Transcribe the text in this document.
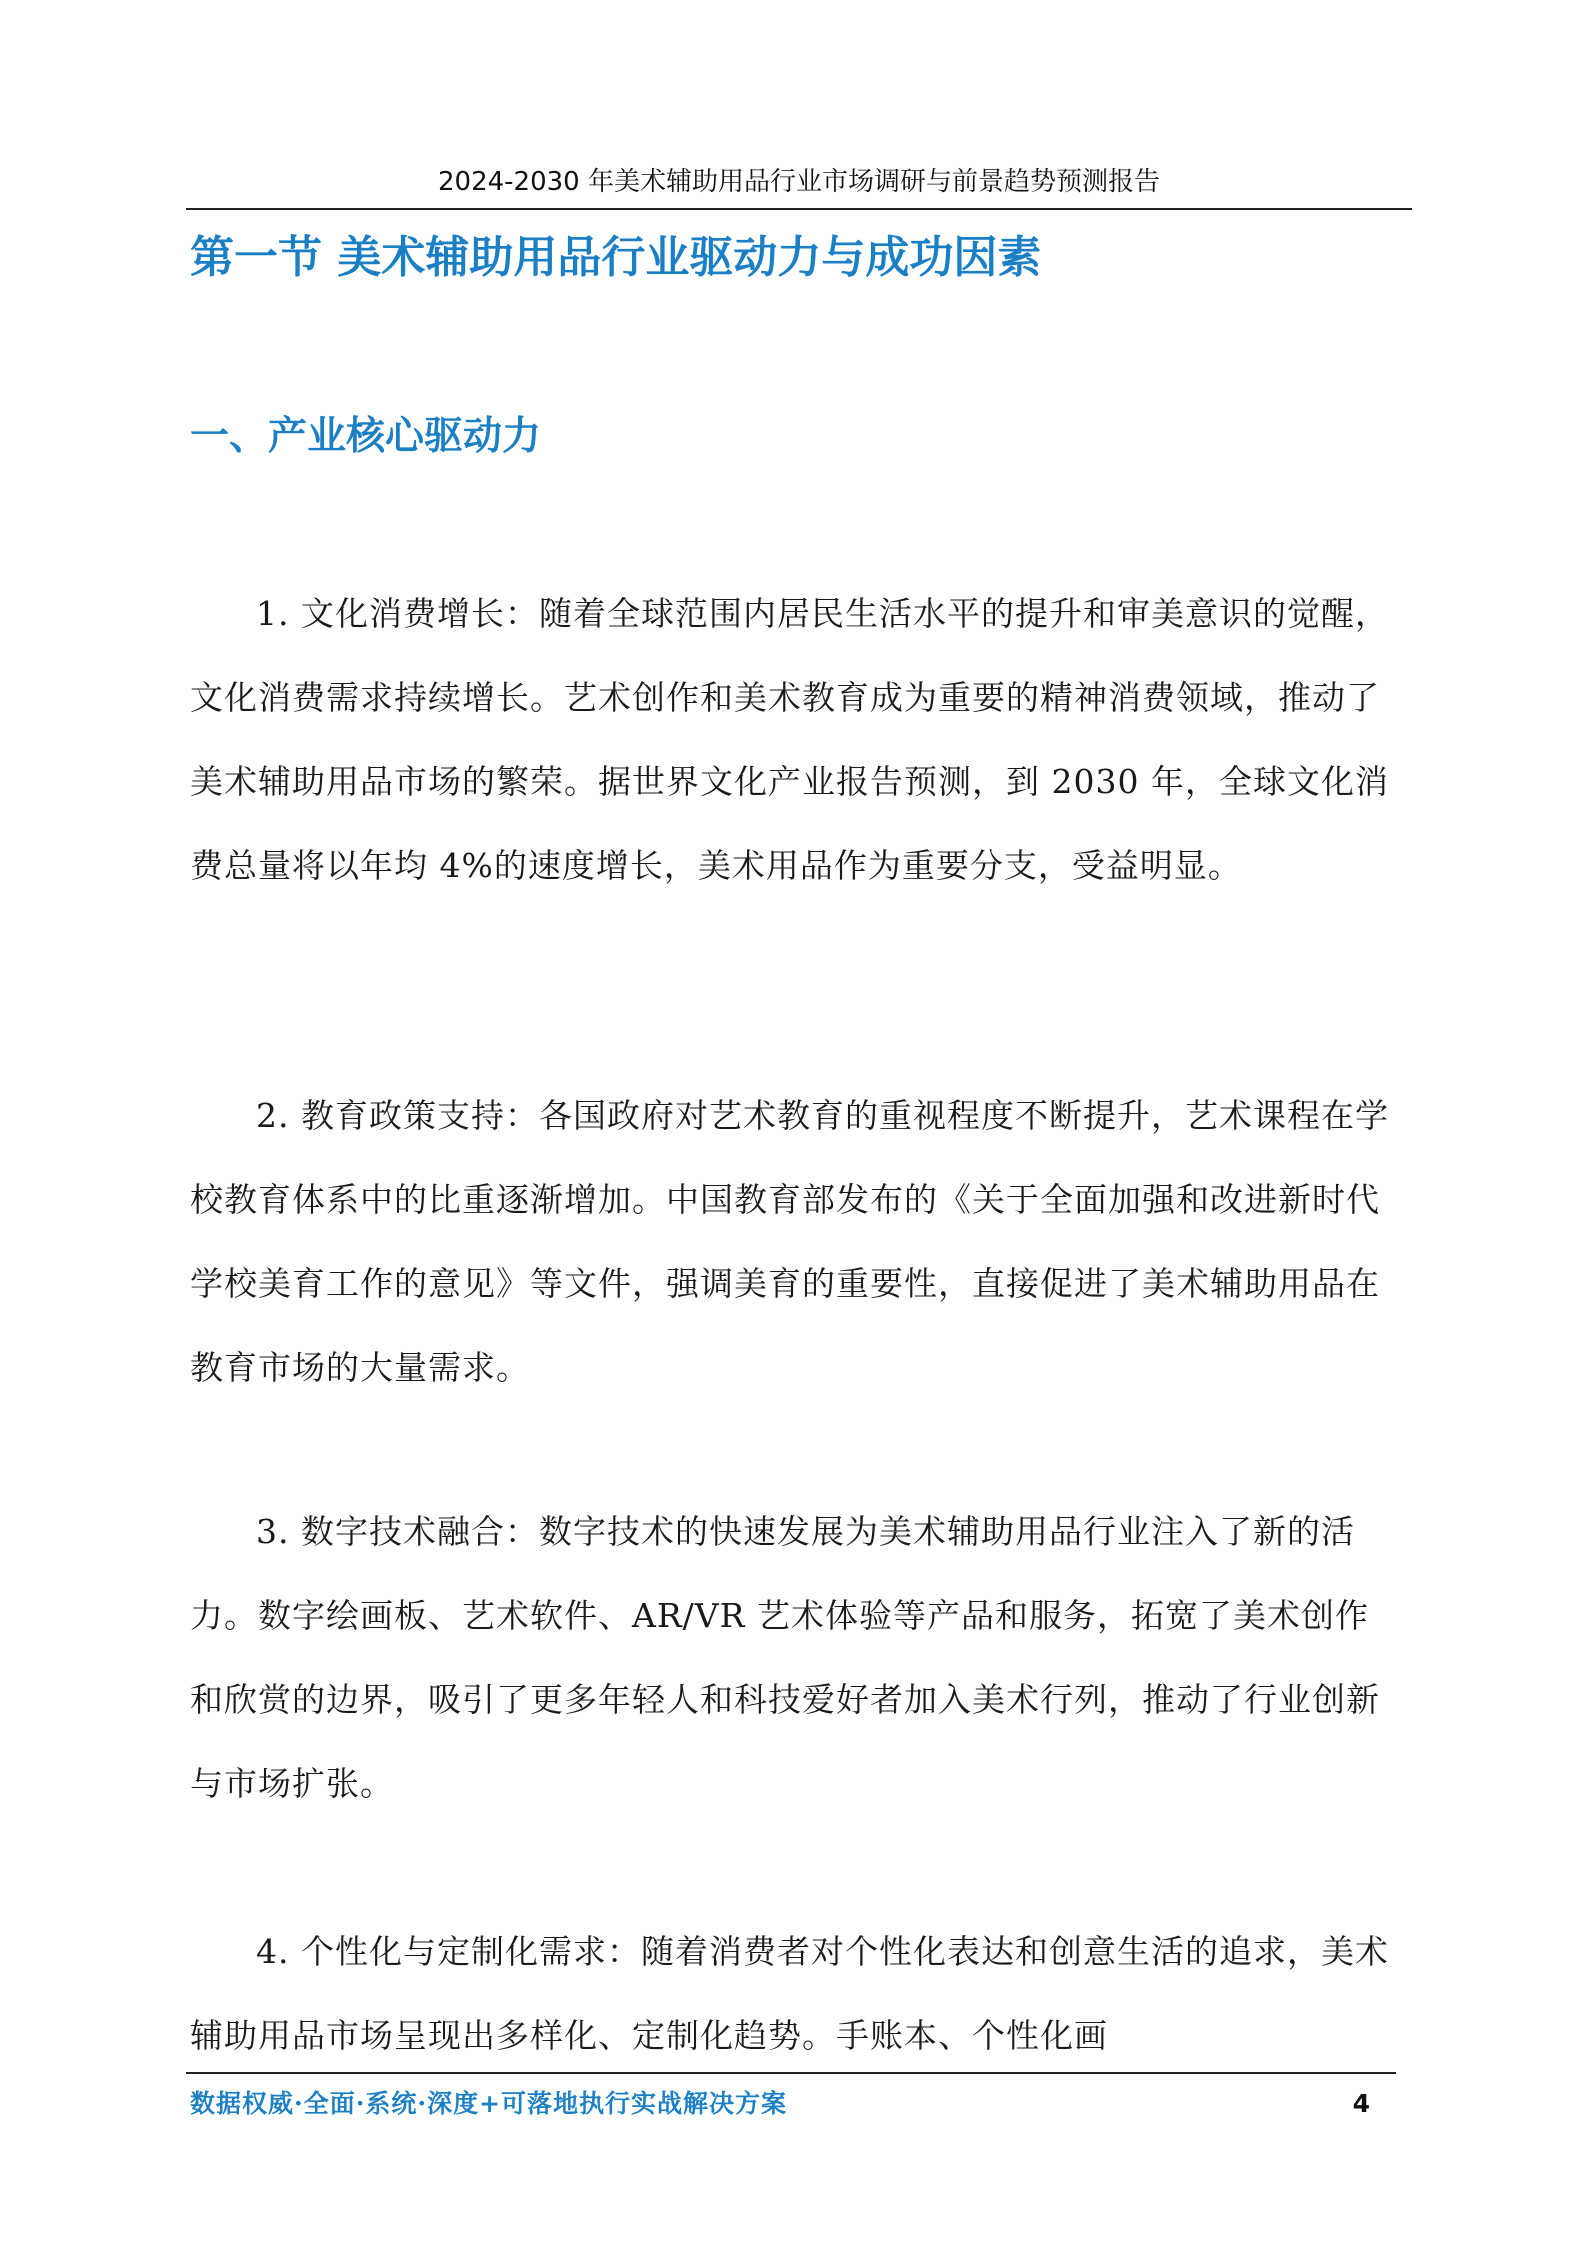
2024-2030 年美术辅助用品行业市场调研与前景趋势预测报告
第一节 美术辅助用品行业驱动力与成功因素
一、产业核心驱动力

1. 文化消费增长：随着全球范围内居民生活水平的提升和审美意识的觉醒，文化消费需求持续增长。艺术创作和美术教育成为重要的精神消费领域，推动了美术辅助用品市场的繁荣。据世界文化产业报告预测，到 2030 年，全球文化消费总量将以年均 4%的速度增长，美术用品作为重要分支，受益明显。

2. 教育政策支持：各国政府对艺术教育的重视程度不断提升，艺术课程在学校教育体系中的比重逐渐增加。中国教育部发布的《关于全面加强和改进新时代学校美育工作的意见》等文件，强调美育的重要性，直接促进了美术辅助用品在教育市场的大量需求。

3. 数字技术融合：数字技术的快速发展为美术辅助用品行业注入了新的活力。数字绘画板、艺术软件、AR/VR 艺术体验等产品和服务，拓宽了美术创作和欣赏的边界，吸引了更多年轻人和科技爱好者加入美术行列，推动了行业创新与市场扩张。

4. 个性化与定制化需求：随着消费者对个性化表达和创意生活的追求，美术辅助用品市场呈现出多样化、定制化趋势。手账本、个性化画

数据权威·全面·系统·深度+可落地执行实战解决方案	4
